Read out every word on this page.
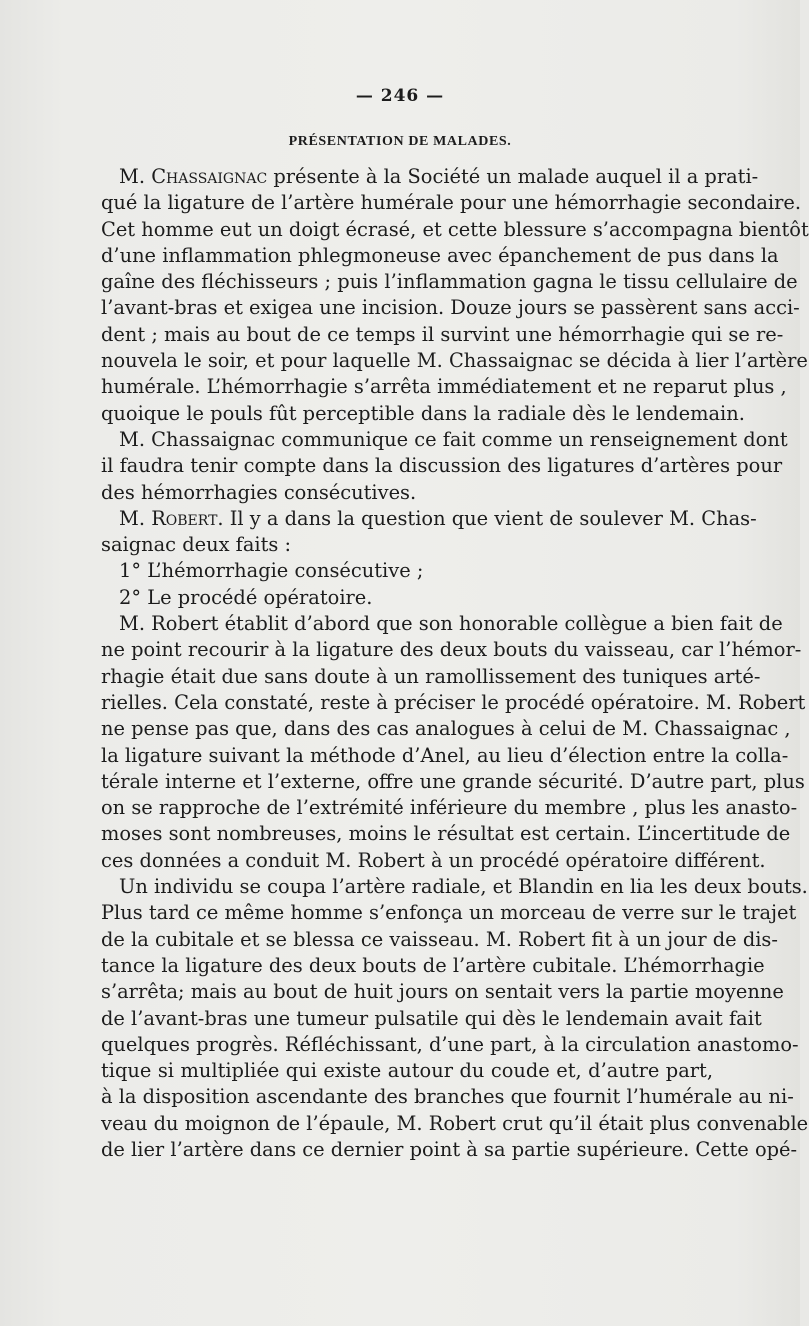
— 246 —
PRÉSENTATION DE MALADES.
M. Chassaignac présente à la Société un malade auquel il a prati-
qué la ligature de l’artère humérale pour une hémorrhagie secondaire.
Cet homme eut un doigt écrasé, et cette blessure s’accompagna bientôt
d’une inflammation phlegmoneuse avec épanchement de pus dans la
gaîne des fléchisseurs ; puis l’inflammation gagna le tissu cellulaire de
l’avant-bras et exigea une incision. Douze jours se passèrent sans acci-
dent ; mais au bout de ce temps il survint une hémorrhagie qui se re-
nouvela le soir, et pour laquelle M. Chassaignac se décida à lier l’artère
humérale. L’hémorrhagie s’arrêta immédiatement et ne reparut plus ,
quoique le pouls fût perceptible dans la radiale dès le lendemain.
M. Chassaignac communique ce fait comme un renseignement dont
il faudra tenir compte dans la discussion des ligatures d’artères pour
des hémorrhagies consécutives.
M. Robert. Il y a dans la question que vient de soulever M. Chas-
saignac deux faits :
1° L’hémorrhagie consécutive ;
2° Le procédé opératoire.
M. Robert établit d’abord que son honorable collègue a bien fait de
ne point recourir à la ligature des deux bouts du vaisseau, car l’hémor-
rhagie était due sans doute à un ramollissement des tuniques arté-
rielles. Cela constaté, reste à préciser le procédé opératoire. M. Robert
ne pense pas que, dans des cas analogues à celui de M. Chassaignac ,
la ligature suivant la méthode d’Anel, au lieu d’élection entre la colla-
térale interne et l’externe, offre une grande sécurité. D’autre part, plus
on se rapproche de l’extrémité inférieure du membre , plus les anasto-
moses sont nombreuses, moins le résultat est certain. L’incertitude de
ces données a conduit M. Robert à un procédé opératoire différent.
Un individu se coupa l’artère radiale, et Blandin en lia les deux bouts.
Plus tard ce même homme s’enfonça un morceau de verre sur le trajet
de la cubitale et se blessa ce vaisseau. M. Robert fit à un jour de dis-
tance la ligature des deux bouts de l’artère cubitale. L’hémorrhagie
s’arrêta; mais au bout de huit jours on sentait vers la partie moyenne
de l’avant-bras une tumeur pulsatile qui dès le lendemain avait fait
quelques progrès. Réfléchissant, d’une part, à la circulation anastomo-
tique si multipliée qui existe autour du coude et, d’autre part,
à la disposition ascendante des branches que fournit l’humérale au ni-
veau du moignon de l’épaule, M. Robert crut qu’il était plus convenable
de lier l’artère dans ce dernier point à sa partie supérieure. Cette opé-
